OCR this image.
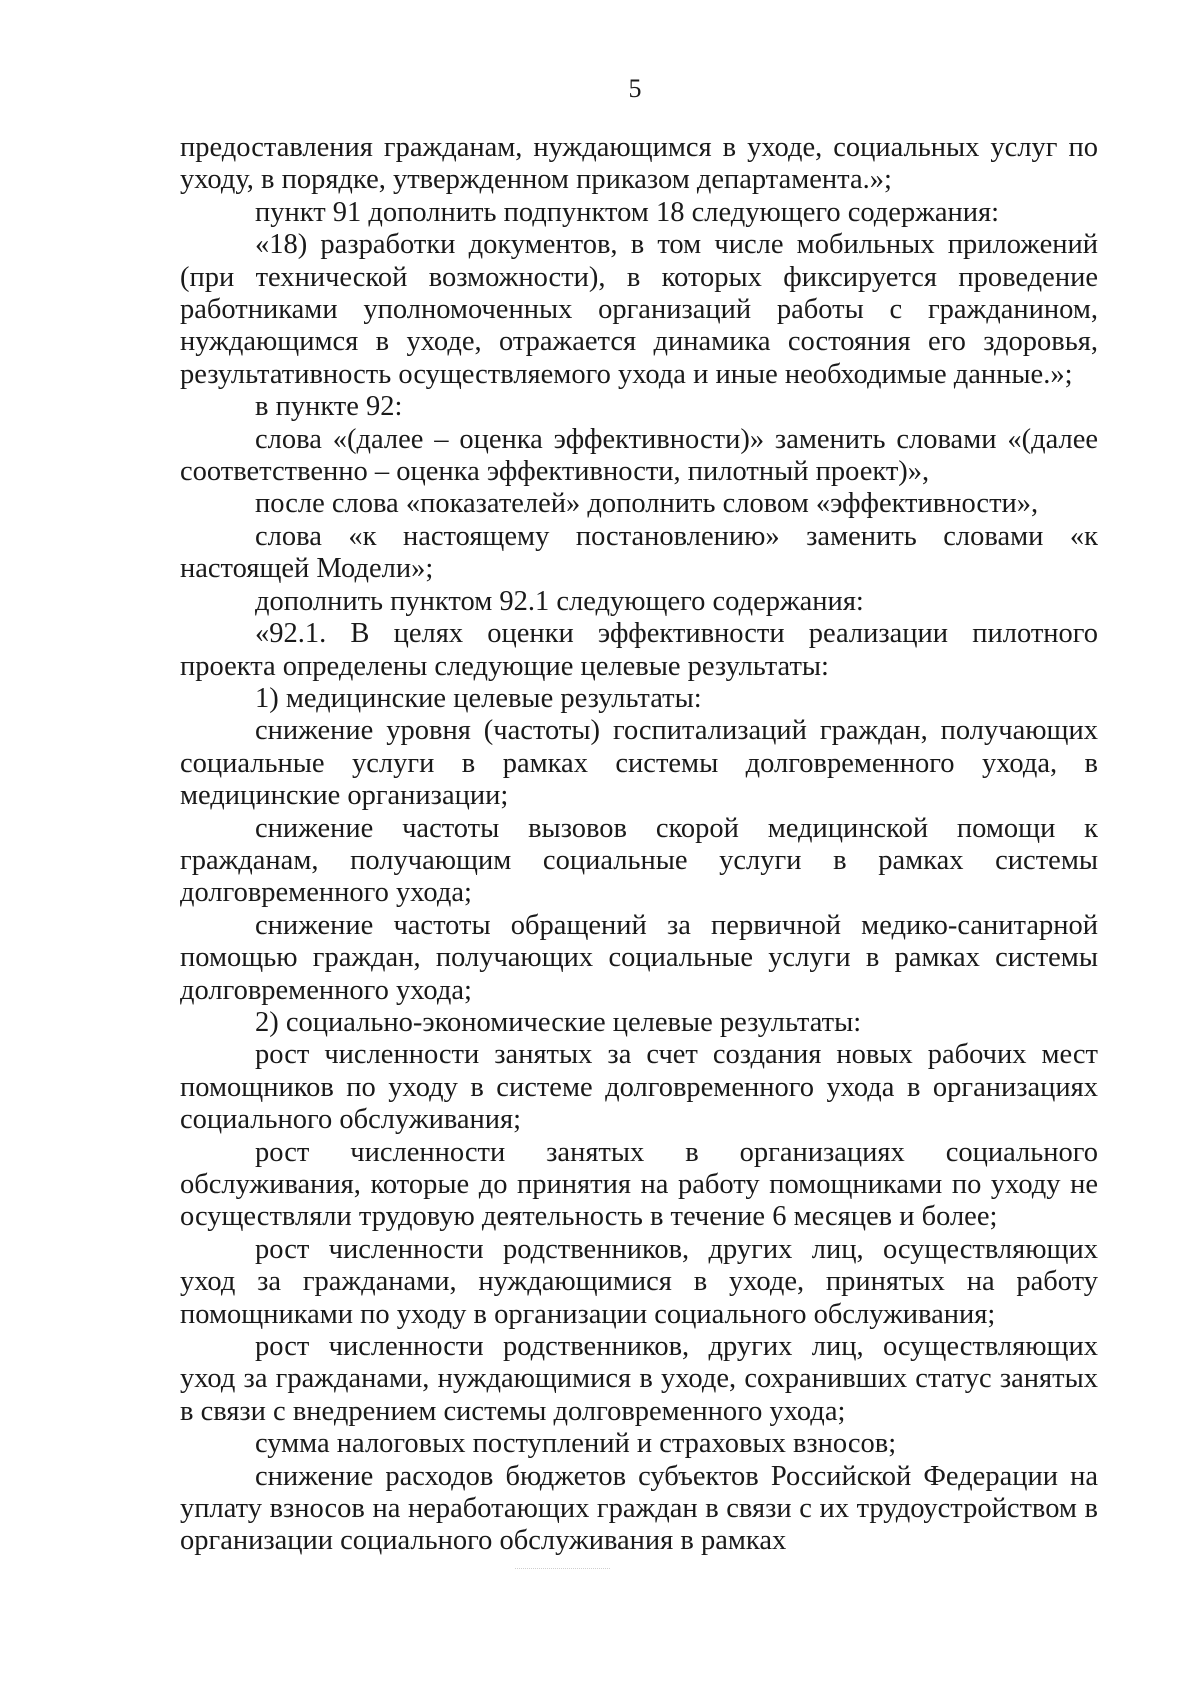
5

предоставления гражданам, нуждающимся в уходе, социальных услуг по уходу, в порядке, утвержденном приказом департамента.»;

пункт 91 дополнить подпунктом 18 следующего содержания:

«18) разработки документов, в том числе мобильных приложений (при технической возможности), в которых фиксируется проведение работниками уполномоченных организаций работы с гражданином, нуждающимся в уходе, отражается динамика состояния его здоровья, результативность осуществляемого ухода и иные необходимые данные.»;

в пункте 92:

слова «(далее – оценка эффективности)» заменить словами «(далее соответственно – оценка эффективности, пилотный проект)»,

после слова «показателей» дополнить словом «эффективности»,

слова «к настоящему постановлению» заменить словами «к настоящей Модели»;

дополнить пунктом 92.1 следующего содержания:

«92.1. В целях оценки эффективности реализации пилотного проекта определены следующие целевые результаты:

1) медицинские целевые результаты:

снижение уровня (частоты) госпитализаций граждан, получающих социальные услуги в рамках системы долговременного ухода, в медицинские организации;

снижение частоты вызовов скорой медицинской помощи к гражданам, получающим социальные услуги в рамках системы долговременного ухода;

снижение частоты обращений за первичной медико-санитарной помощью граждан, получающих социальные услуги в рамках системы долговременного ухода;

2) социально-экономические целевые результаты:

рост численности занятых за счет создания новых рабочих мест помощников по уходу в системе долговременного ухода в организациях социального обслуживания;

рост численности занятых в организациях социального обслуживания, которые до принятия на работу помощниками по уходу не осуществляли трудовую деятельность в течение 6 месяцев и более;

рост численности родственников, других лиц, осуществляющих уход за гражданами, нуждающимися в уходе, принятых на работу помощниками по уходу в организации социального обслуживания;

рост численности родственников, других лиц, осуществляющих уход за гражданами, нуждающимися в уходе, сохранивших статус занятых в связи с внедрением системы долговременного ухода;

сумма налоговых поступлений и страховых взносов;

снижение расходов бюджетов субъектов Российской Федерации на уплату взносов на неработающих граждан в связи с их трудоустройством в организации социального обслуживания в рамках
